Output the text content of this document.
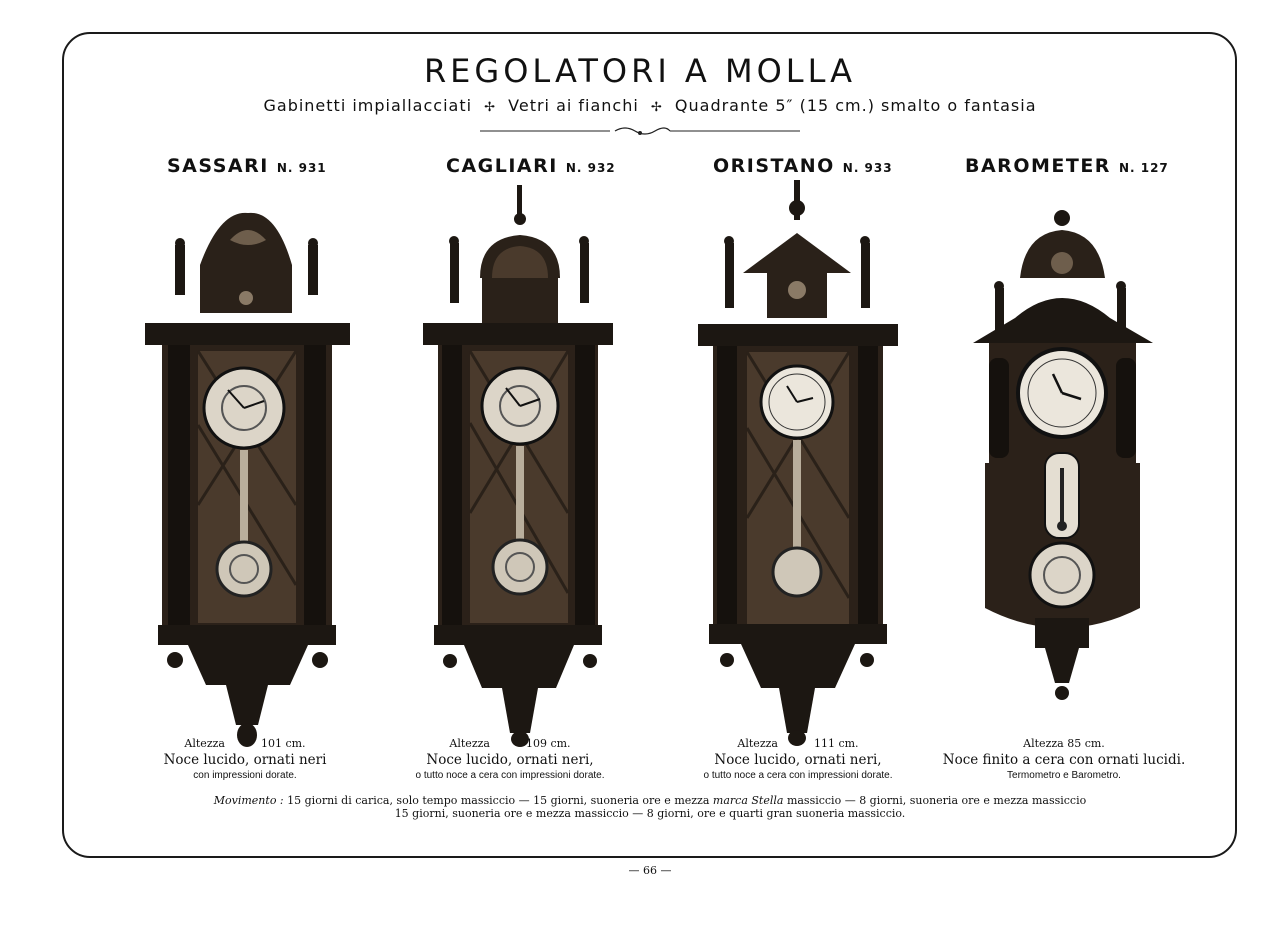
REGOLATORI A MOLLA
Gabinetti impiallacciati ✢ Vetri ai fianchi ✢ Quadrante 5″ (15 cm.) smalto o fantasia
SASSARI N. 931	CAGLIARI N. 932	ORISTANO N. 933	BAROMETER N. 127
Altezza	101 cm.
Noce lucido, ornati neri
con impressioni dorate.
Altezza	109 cm.
Noce lucido, ornati neri,
o tutto noce a cera con impressioni dorate.
Altezza	111 cm.
Noce lucido, ornati neri,
o tutto noce a cera con impressioni dorate.
Altezza 85 cm.
Noce finito a cera con ornati lucidi.
Termometro e Barometro.
Movimento : 15 giorni di carica, solo tempo massiccio — 15 giorni, suoneria ore e mezza marca Stella massiccio — 8 giorni, suoneria ore e mezza massiccio
15 giorni, suoneria ore e mezza massiccio — 8 giorni, ore e quarti gran suoneria massiccio.
— 66 —
